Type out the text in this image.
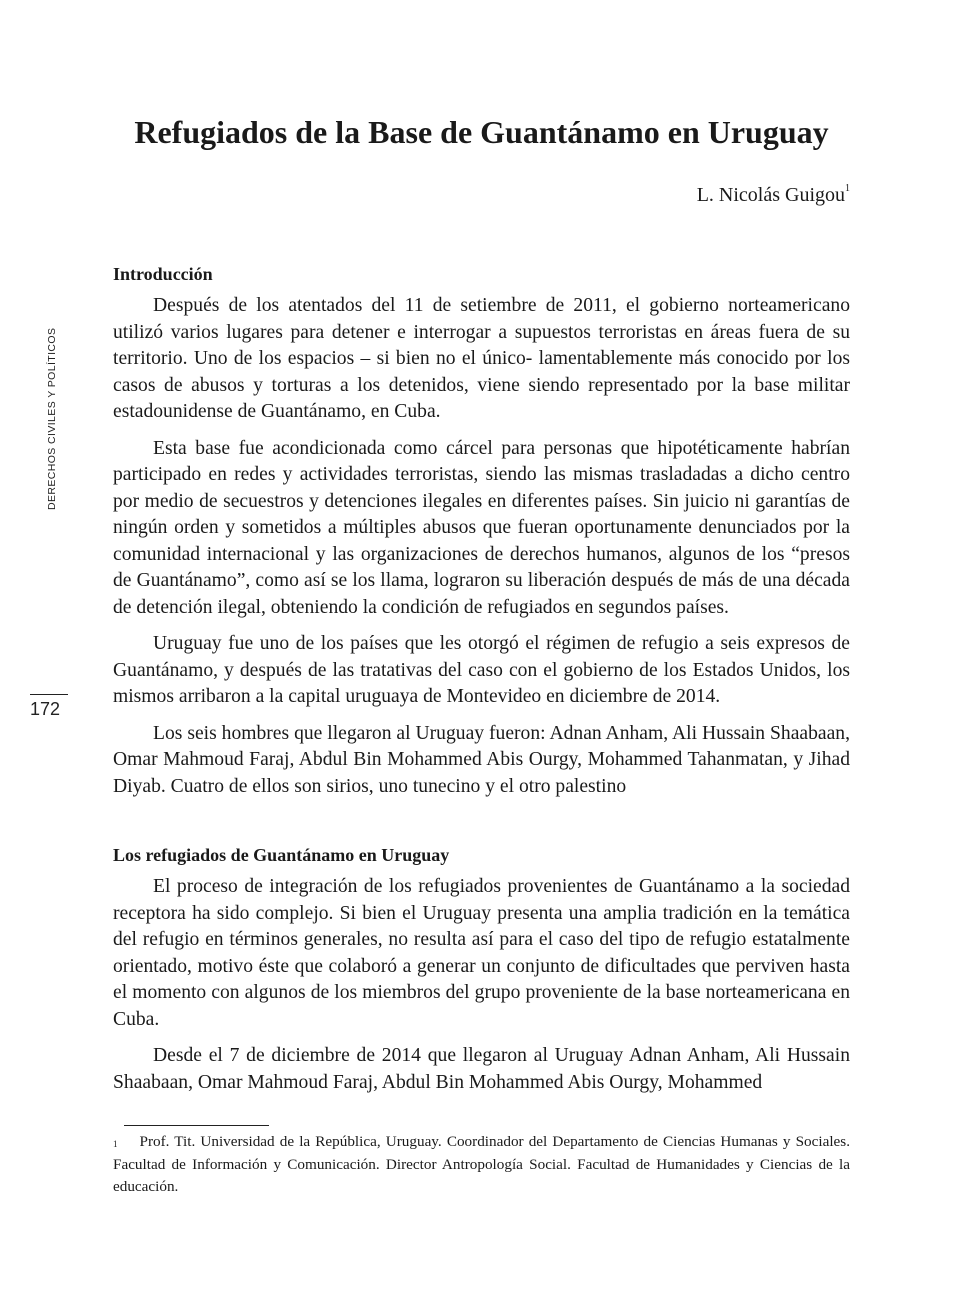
DERECHOS CIVILES Y POLÍTICOS
172
Refugiados de la Base de Guantánamo en Uruguay
L. Nicolás Guigou$^1$
Introducción

Después de los atentados del 11 de setiembre de 2011, el gobierno norteamericano utilizó varios lugares para detener e interrogar a supuestos terroristas en áreas fuera de su territorio. Uno de los espacios – si bien no el único- lamentablemente más conocido por los casos de abusos y torturas a los detenidos, viene siendo representado por la base militar estadounidense de Guantánamo, en Cuba.

Esta base fue acondicionada como cárcel para personas que hipotéticamente habrían participado en redes y actividades terroristas, siendo las mismas trasladadas a dicho centro por medio de secuestros y detenciones ilegales en diferentes países. Sin juicio ni garantías de ningún orden y sometidos a múltiples abusos que fueran oportunamente denunciados por la comunidad internacional y las organizaciones de derechos humanos, algunos de los “presos de Guantánamo”, como así se los llama, lograron su liberación después de más de una década de detención ilegal, obteniendo la condición de refugiados en segundos países.

Uruguay fue uno de los países que les otorgó el régimen de refugio a seis expresos de Guantánamo, y después de las tratativas del caso con el gobierno de los Estados Unidos, los mismos arribaron a la capital uruguaya de Montevideo en diciembre de 2014.

Los seis hombres que llegaron al Uruguay fueron: Adnan Anham, Ali Hussain Shaabaan, Omar Mahmoud Faraj, Abdul Bin Mohammed Abis Ourgy, Mohammed Tahanmatan, y Jihad Diyab. Cuatro de ellos son sirios, uno tunecino y el otro palestino

Los refugiados de Guantánamo en Uruguay

El proceso de integración de los refugiados provenientes de Guantánamo a la sociedad receptora ha sido complejo. Si bien el Uruguay presenta una amplia tradición en la temática del refugio en términos generales, no resulta así para el caso del tipo de refugio estatalmente orientado, motivo éste que colaboró a generar un conjunto de dificultades que perviven hasta el momento con algunos de los miembros del grupo proveniente de la base norteamericana en Cuba.

Desde el 7 de diciembre de 2014 que llegaron al Uruguay Adnan Anham, Ali Hussain Shaabaan, Omar Mahmoud Faraj, Abdul Bin Mohammed Abis Ourgy, Mohammed

$^1$ Prof. Tit. Universidad de la República, Uruguay. Coordinador del Departamento de Ciencias Humanas y Sociales. Facultad de Información y Comunicación. Director Antropología Social. Facultad de Humanidades y Ciencias de la educación.
